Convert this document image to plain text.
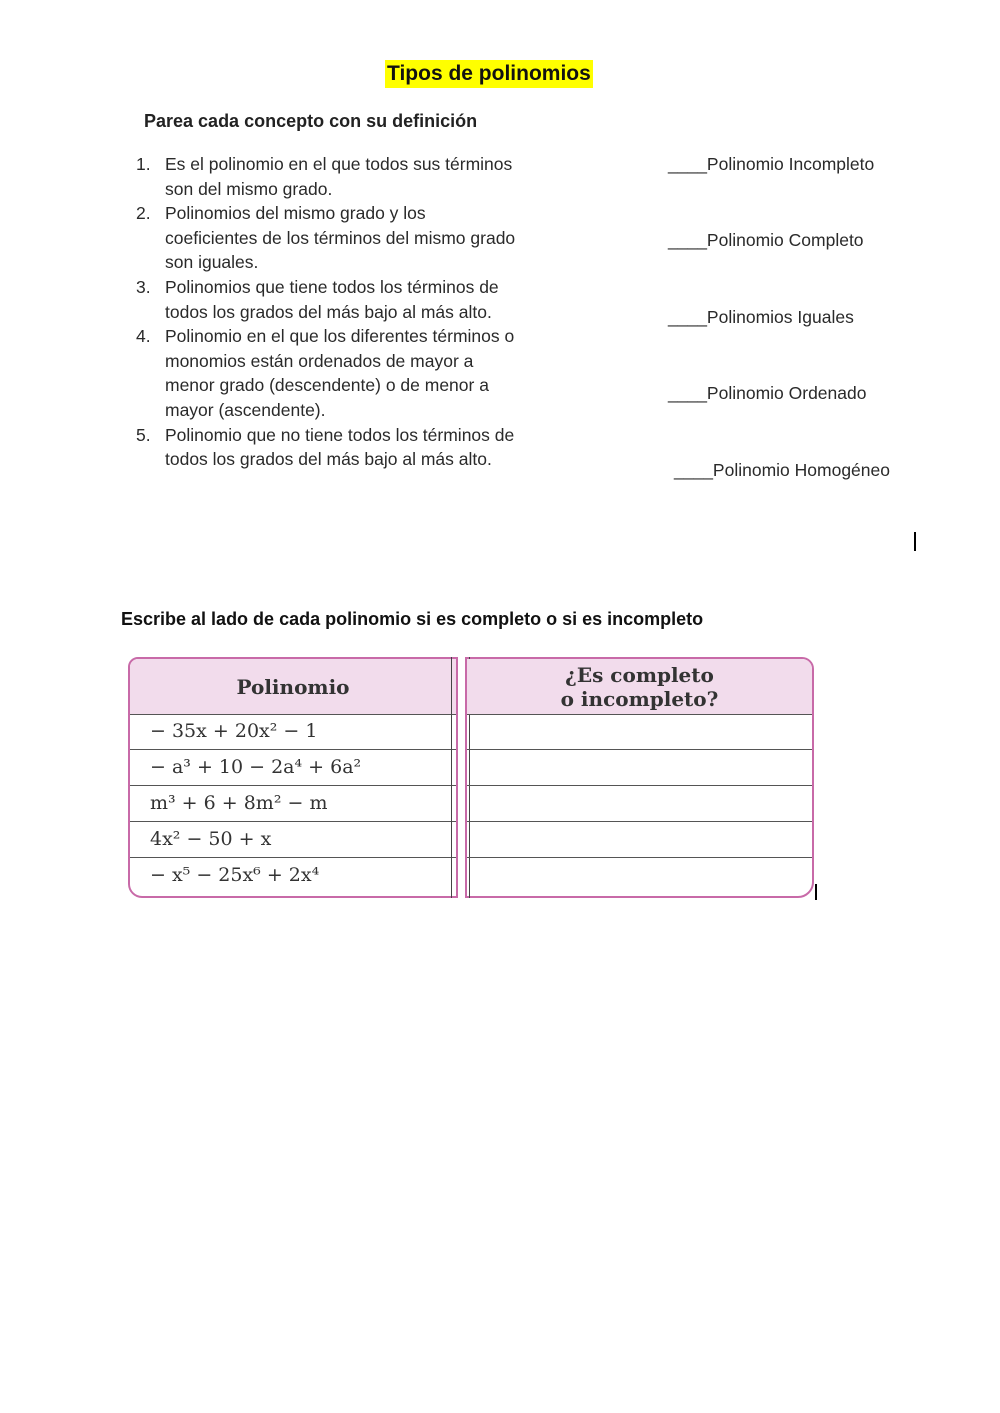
Tipos de polinomios
Parea cada concepto con su definición
1. Es el polinomio en el que todos sus términos son del mismo grado.
2. Polinomios del mismo grado y los coeficientes de los términos del mismo grado son iguales.
3. Polinomios que tiene todos los términos de todos los grados del más bajo al más alto.
4. Polinomio en el que los diferentes términos o monomios están ordenados de mayor a menor grado (descendente) o de menor a mayor (ascendente).
5. Polinomio que no tiene todos los términos de todos los grados del más bajo al más alto.
____Polinomio Incompleto
____Polinomio Completo
____Polinomios Iguales
____Polinomio Ordenado
____Polinomio Homogéneo
Escribe al lado de cada polinomio si es completo o si es incompleto
Polinomio
− 35x + 20x² − 1
− a³ + 10 − 2a⁴ + 6a²
m³ + 6 + 8m² − m
4x² − 50 + x
− x⁵ − 25x⁶ + 2x⁴
¿Es completo
o incompleto?
